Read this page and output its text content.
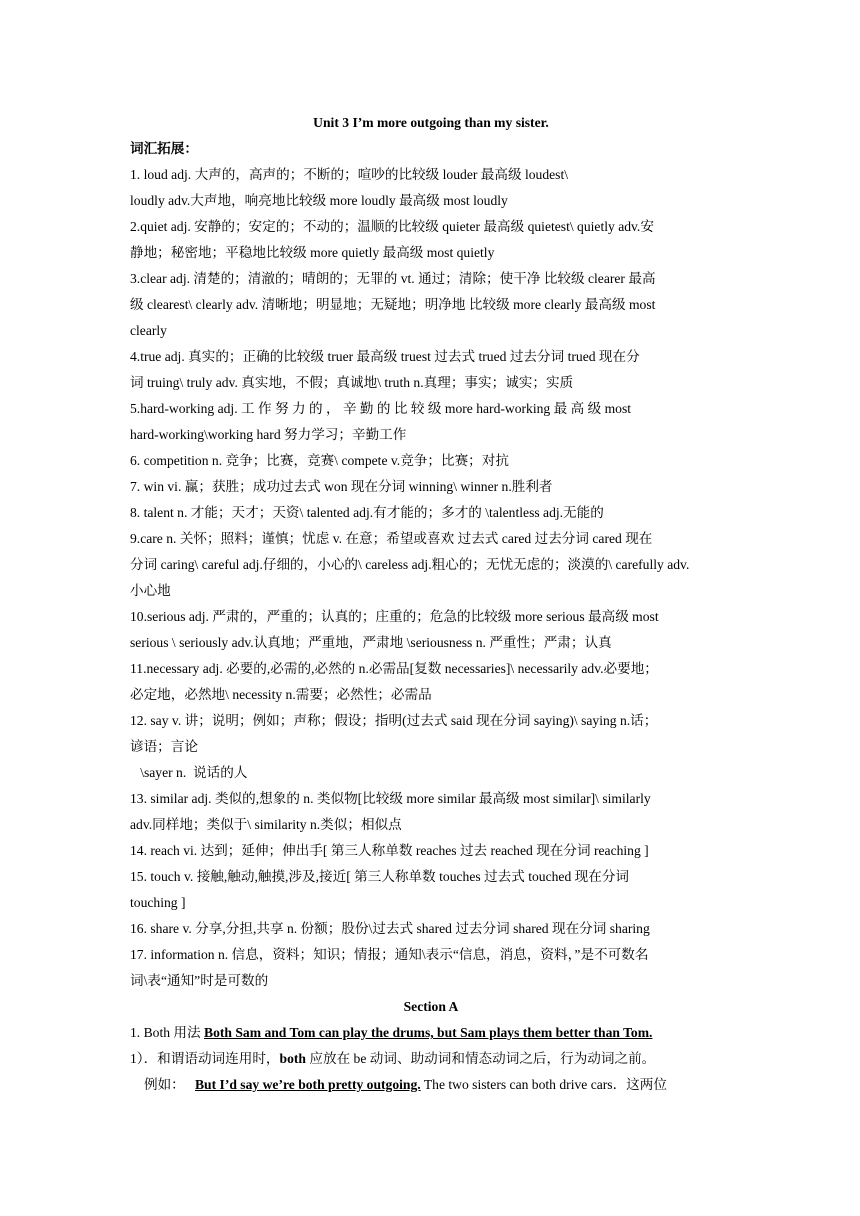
Unit 3 I’m more outgoing than my sister.
词汇拓展：
1. loud adj. 大声的，高声的；不断的；喧吵的比较级 louder 最高级 loudest\
loudly adv.大声地，响亮地比较级 more loudly 最高级 most loudly
2.quiet adj. 安静的；安定的；不动的；温顺的比较级 quieter 最高级 quietest\ quietly adv.安
静地；秘密地；平稳地比较级 more quietly 最高级 most quietly
3.clear adj. 清楚的；清澈的；晴朗的；无罪的 vt. 通过；清除；使干净 比较级 clearer 最高
级 clearest\ clearly adv. 清晰地；明显地；无疑地；明净地 比较级 more clearly 最高级 most
clearly
4.true adj. 真实的；正确的比较级 truer 最高级 truest 过去式 trued 过去分词 trued 现在分
词 truing\ truly adv. 真实地，不假；真诚地\ truth n.真理；事实；诚实；实质
5.hard-working adj. 工 作 努 力 的 ， 辛 勤 的 比 较 级 more hard-working 最 高 级 most
hard-working\working hard 努力学习；辛勤工作
6. competition n. 竞争；比赛，竞赛\ compete v.竞争；比赛；对抗
7. win vi. 赢；获胜；成功过去式 won 现在分词 winning\ winner n.胜利者
8. talent n. 才能；天才；天资\ talented adj.有才能的；多才的 \talentless adj.无能的
9.care n. 关怀；照料；谨慎；忧虑 v. 在意；希望或喜欢 过去式 cared 过去分词 cared 现在
分词 caring\ careful adj.仔细的，小心的\ careless adj.粗心的；无忧无虑的；淡漠的\ carefully adv.
小心地
10.serious adj. 严肃的，严重的；认真的；庄重的；危急的比较级 more serious 最高级 most
serious \ seriously adv.认真地；严重地，严肃地 \seriousness n. 严重性；严肃；认真
11.necessary adj. 必要的,必需的,必然的 n.必需品[复数 necessaries]\ necessarily adv.必要地；
必定地，必然地\ necessity n.需要；必然性；必需品
12. say v. 讲；说明；例如；声称；假设；指明(过去式 said 现在分词 saying)\ saying n.话；
谚语；言论
\sayer n.  说话的人
13. similar adj. 类似的,想象的 n. 类似物[比较级 more similar 最高级 most similar]\ similarly
adv.同样地；类似于\ similarity n.类似；相似点
14. reach vi. 达到；延伸；伸出手[ 第三人称单数 reaches 过去 reached 现在分词 reaching ]
15. touch v. 接触,触动,触摸,涉及,接近[ 第三人称单数 touches 过去式 touched 现在分词
touching ]
16. share v. 分享,分担,共享 n. 份额；股份\过去式 shared 过去分词 shared 现在分词 sharing
17. information n. 信息，资料；知识；情报；通知\表示“信息，消息，资料，”是不可数名
词\表“通知”时是可数的
Section A
1. Both 用法 Both Sam and Tom can play the drums, but Sam plays them better than Tom.
1）．和谓语动词连用时，both 应放在 be 动词、助动词和情态动词之后，行为动词之前。
例如：   But I’d say we’re both pretty outgoing. The two sisters can both drive cars．这两位
